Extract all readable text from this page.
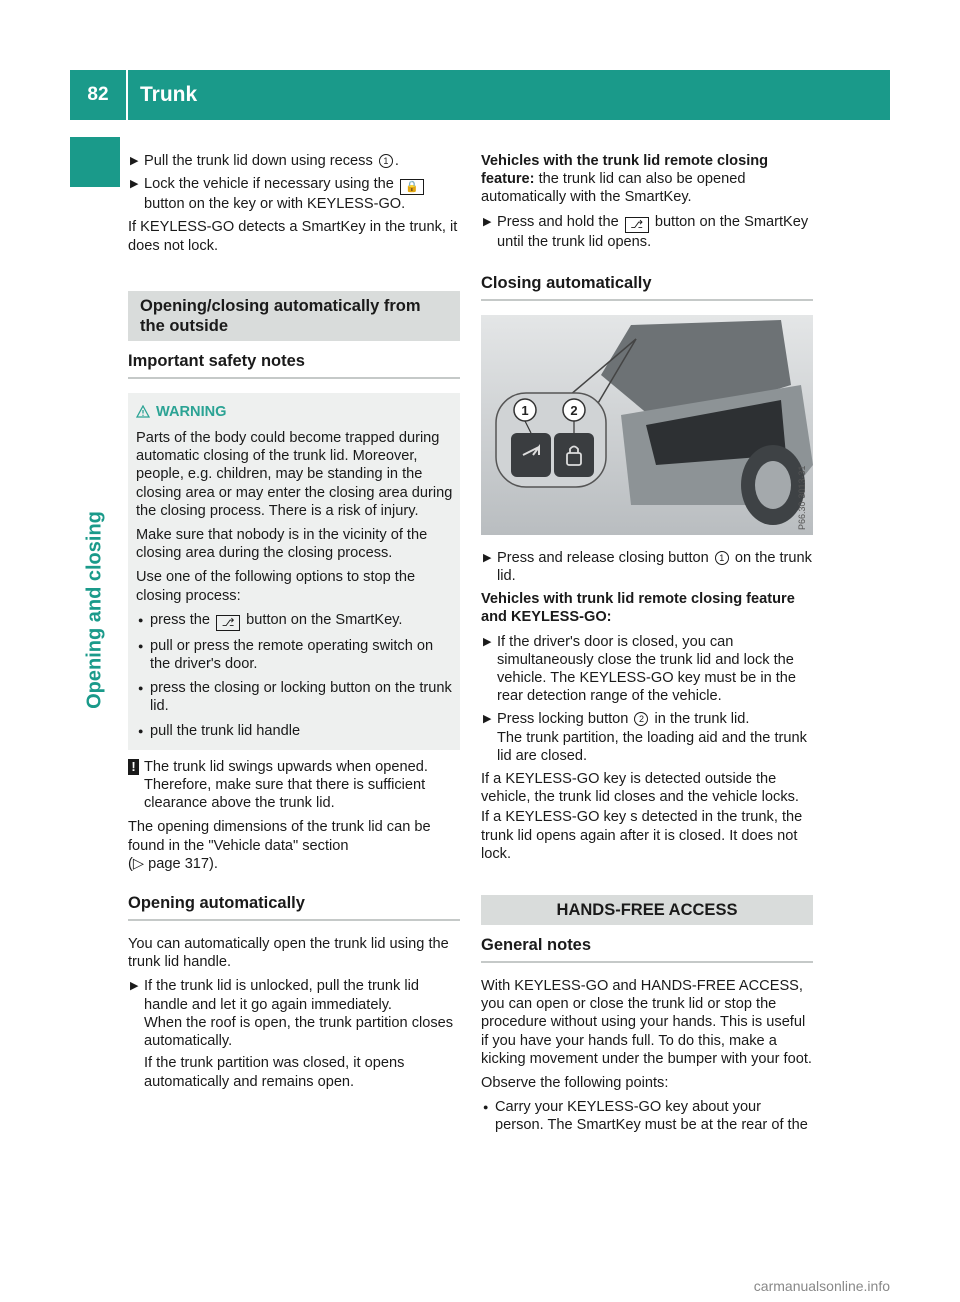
82	Trunk
Opening and closing
▶ Pull the trunk lid down using recess 1 .
▶ Lock the vehicle if necessary using the 🔒 button on the key or with KEYLESS-GO.

If KEYLESS-GO detects a SmartKey in the trunk, it does not lock.

Opening/closing automatically from the outside
Important safety notes
WARNING

Parts of the body could become trapped during automatic closing of the trunk lid. Moreover, people, e.g. children, may be standing in the closing area or may enter the closing area during the closing process. There is a risk of injury.

Make sure that nobody is in the vicinity of the closing area during the closing process.

Use one of the following options to stop the closing process:

● press the ⎇ button on the SmartKey.
● pull or press the remote operating switch on the driver's door.
● press the closing or locking button on the trunk lid.
● pull the trunk lid handle
! The trunk lid swings upwards when opened. Therefore, make sure that there is sufficient clearance above the trunk lid.

The opening dimensions of the trunk lid can be found in the "Vehicle data" section
(▷ page 317).

Opening automatically

You can automatically open the trunk lid using the trunk lid handle.

▶ If the trunk lid is unlocked, pull the trunk lid handle and let it go again immediately.
When the roof is open, the trunk partition closes automatically.
If the trunk partition was closed, it opens automatically and remains open.

Vehicles with the trunk lid remote closing feature: the trunk lid can also be opened automatically with the SmartKey.

▶ Press and hold the ⎇ button on the SmartKey until the trunk lid opens.
Closing automatically
1	2
P66.30-3013-31
▶ Press and release closing button 1 on the trunk lid.

Vehicles with trunk lid remote closing feature and KEYLESS-GO:

▶ If the driver's door is closed, you can simultaneously close the trunk lid and lock the vehicle. The KEYLESS-GO key must be in the rear detection range of the vehicle.
▶ Press locking button 2 in the trunk lid.
The trunk partition, the loading aid and the trunk lid are closed.

If a KEYLESS-GO key is detected outside the vehicle, the trunk lid closes and the vehicle locks.

If a KEYLESS-GO key s detected in the trunk, the trunk lid opens again after it is closed. It does not lock.

HANDS-FREE ACCESS
General notes

With KEYLESS-GO and HANDS-FREE ACCESS, you can open or close the trunk lid or stop the procedure without using your hands. This is useful if you have your hands full. To do this, make a kicking movement under the bumper with your foot.

Observe the following points:

● Carry your KEYLESS-GO key about your person. The SmartKey must be at the rear of the
carmanualsonline.info
